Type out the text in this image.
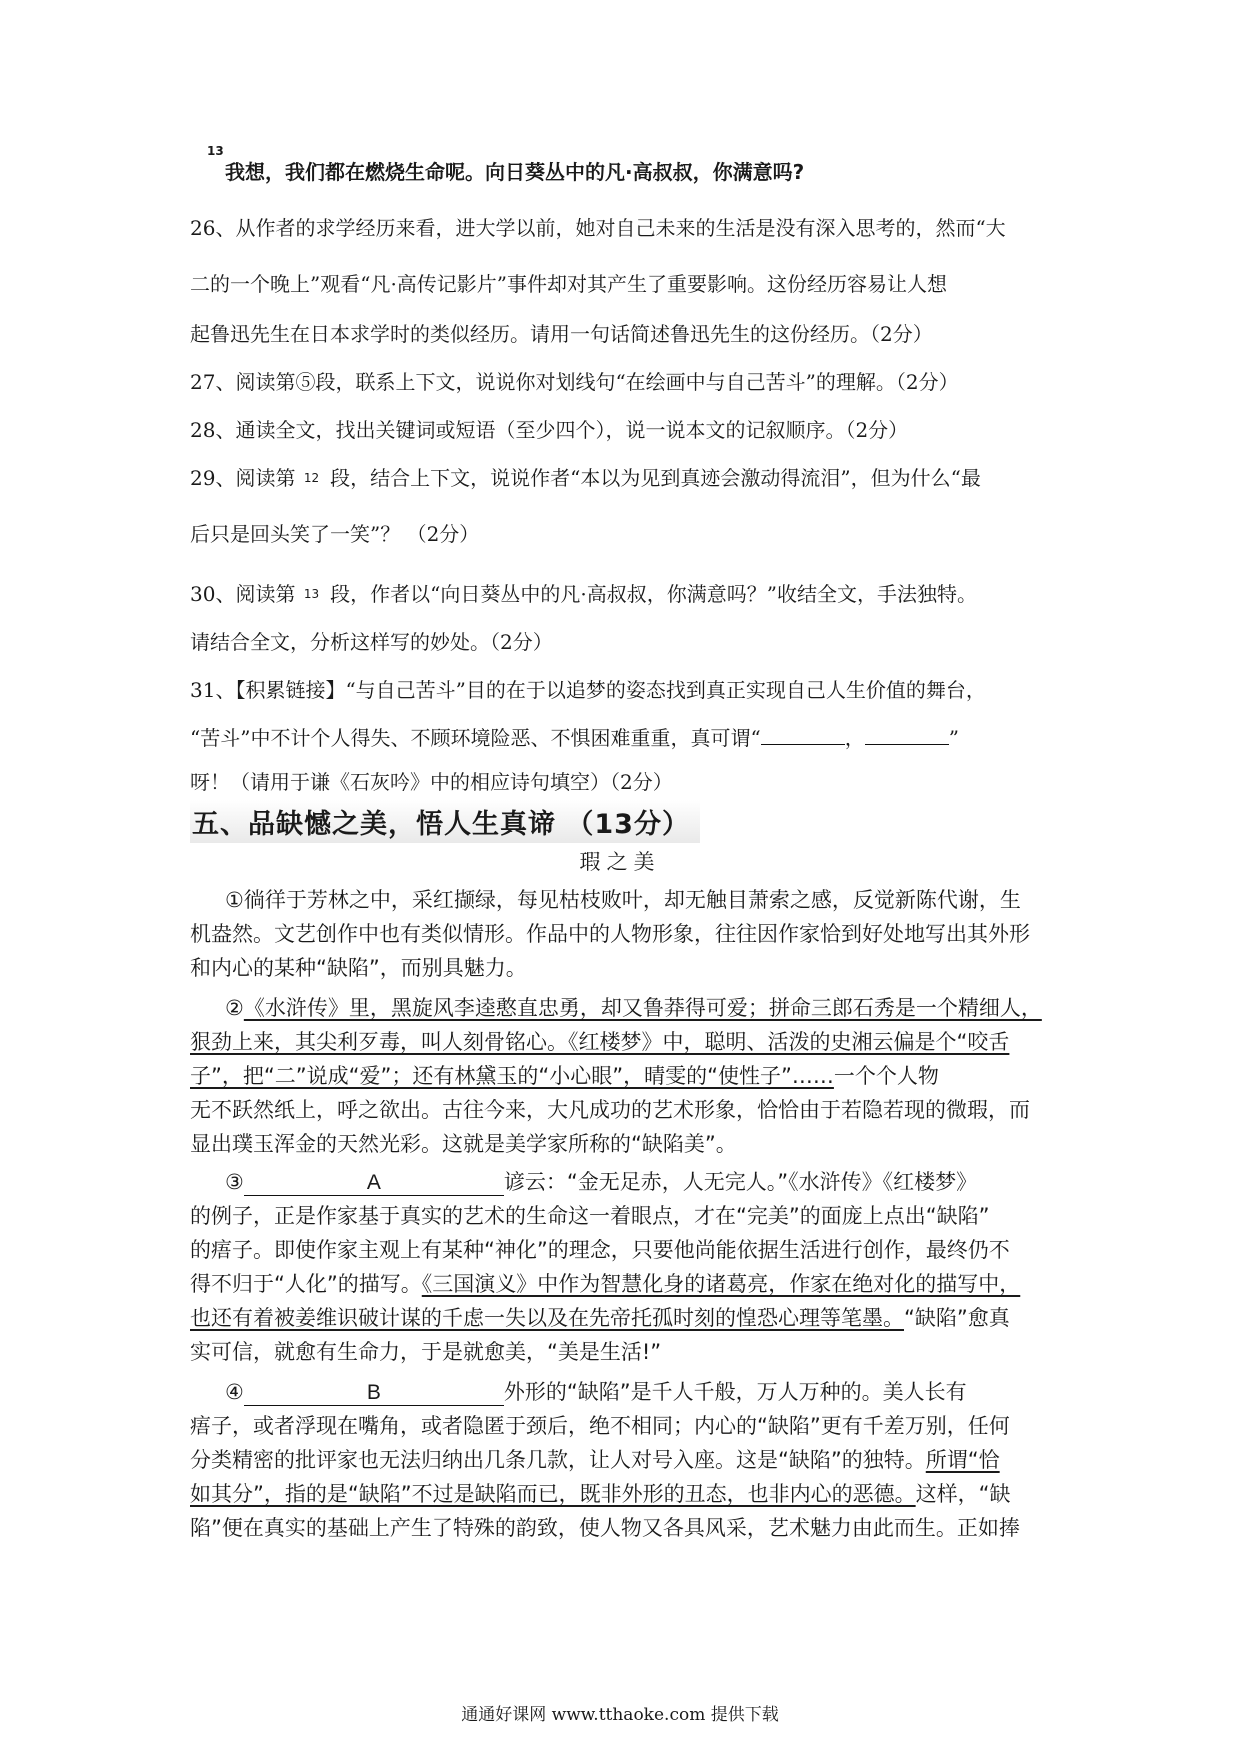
13
我想，我们都在燃烧生命呢。向日葵丛中的凡·高叔叔，你满意吗?
26、从作者的求学经历来看，进大学以前，她对自己未来的生活是没有深入思考的，然而“大
二的一个晚上”观看“凡·高传记影片”事件却对其产生了重要影响。这份经历容易让人想
起鲁迅先生在日本求学时的类似经历。请用一句话简述鲁迅先生的这份经历。（2分）
27、阅读第⑤段，联系上下文，说说你对划线句“在绘画中与自己苦斗”的理解。（2分）
28、通读全文，找出关键词或短语（至少四个），说一说本文的记叙顺序。（2分）
29、阅读第 12 段，结合上下文，说说作者“本以为见到真迹会激动得流泪”，但为什么“最
后只是回头笑了一笑”？ （2分）
30、阅读第 13 段，作者以“向日葵丛中的凡·高叔叔，你满意吗？”收结全文，手法独特。
请结合全文，分析这样写的妙处。（2分）
31、【积累链接】“与自己苦斗”目的在于以追梦的姿态找到真正实现自己人生价值的舞台，
“苦斗”中不计个人得失、不顾环境险恶、不惧困难重重，真可谓“	，	”
呀！（请用于谦《石灰吟》中的相应诗句填空）（2分）
五、品缺憾之美，悟人生真谛 （13分）
瑕之美
①徜徉于芳林之中，采红撷绿，每见枯枝败叶，却无触目萧索之感，反觉新陈代谢，生
机盎然。文艺创作中也有类似情形。作品中的人物形象，往往因作家恰到好处地写出其外形
和内心的某种“缺陷”，而别具魅力。
②《水浒传》里，黑旋风李逵憨直忠勇，却又鲁莽得可爱；拼命三郎石秀是一个精细人，
狠劲上来，其尖利歹毒，叫人刻骨铭心。《红楼梦》中，聪明、活泼的史湘云偏是个“咬舌
子”，把“二”说成“爱”；还有林黛玉的“小心眼”，晴雯的“使性子”……一个个人物
无不跃然纸上，呼之欲出。古往今来，大凡成功的艺术形象，恰恰由于若隐若现的微瑕，而
显出璞玉浑金的天然光彩。这就是美学家所称的“缺陷美”。
③	A	谚云：“金无足赤，人无完人。”《水浒传》《红楼梦》
的例子，正是作家基于真实的艺术的生命这一着眼点，才在“完美”的面庞上点出“缺陷”
的痦子。即使作家主观上有某种“神化”的理念，只要他尚能依据生活进行创作，最终仍不
得不归于“人化”的描写。《三国演义》中作为智慧化身的诸葛亮，作家在绝对化的描写中，
也还有着被姜维识破计谋的千虑一失以及在先帝托孤时刻的惶恐心理等笔墨。“缺陷”愈真
实可信，就愈有生命力，于是就愈美，“美是生活!”
④	B	外形的“缺陷”是千人千般，万人万种的。美人长有
痦子，或者浮现在嘴角，或者隐匿于颈后，绝不相同；内心的“缺陷”更有千差万别，任何
分类精密的批评家也无法归纳出几条几款，让人对号入座。这是“缺陷”的独特。所谓“恰
如其分”，指的是“缺陷”不过是缺陷而已，既非外形的丑态，也非内心的恶德。这样，“缺
陷”便在真实的基础上产生了特殊的韵致，使人物又各具风采，艺术魅力由此而生。正如捧
通通好课网 www.tthaoke.com 提供下载
